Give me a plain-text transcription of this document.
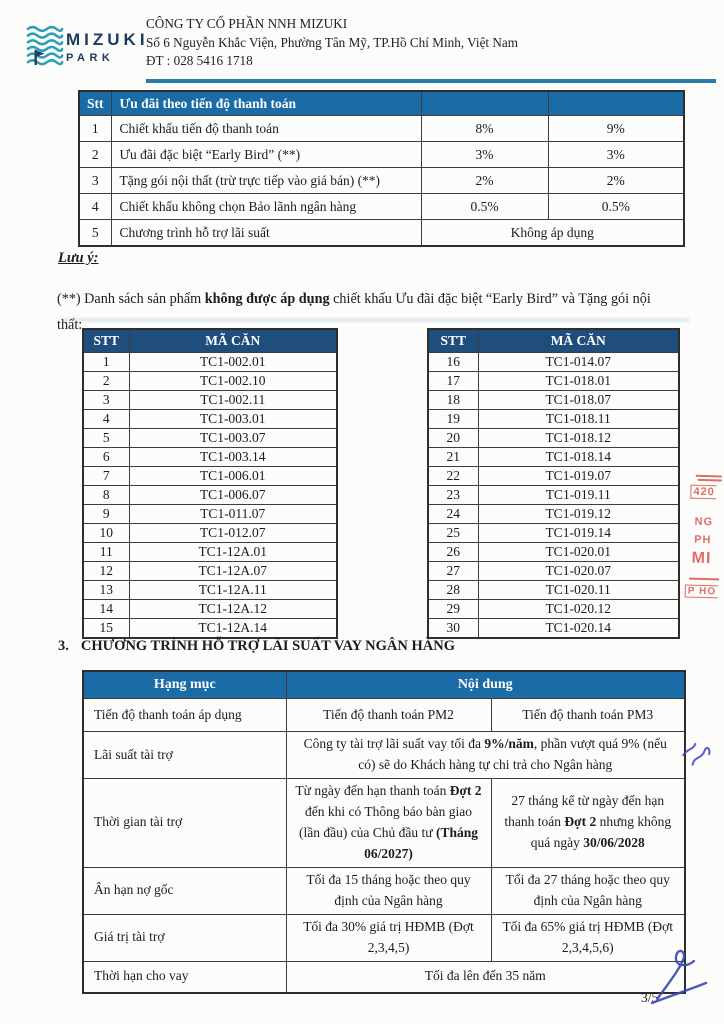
MIZUKI
PARK
CÔNG TY CỔ PHẦN NNH MIZUKI
Số 6 Nguyễn Khắc Viện, Phường Tân Mỹ, TP.Hồ Chí Minh, Việt Nam
ĐT : 028 5416 1718
Stt	Ưu đãi theo tiến độ thanh toán		
1	Chiết khấu tiến độ thanh toán	8%	9%
2	Ưu đãi đặc biệt “Early Bird” (**)	3%	3%
3	Tặng gói nội thất (trừ trực tiếp vào giá bán) (**)	2%	2%
4	Chiết khấu không chọn Bảo lãnh ngân hàng	0.5%	0.5%
5	Chương trình hỗ trợ lãi suất	Không áp dụng	
Lưu ý:

(**) Danh sách sản phẩm không được áp dụng chiết khấu Ưu đãi đặc biệt “Early Bird” và Tặng gói nội thất:

STT	MÃ CĂN
1	TC1-002.01
2	TC1-002.10
3	TC1-002.11
4	TC1-003.01
5	TC1-003.07
6	TC1-003.14
7	TC1-006.01
8	TC1-006.07
9	TC1-011.07
10	TC1-012.07
11	TC1-12A.01
12	TC1-12A.07
13	TC1-12A.11
14	TC1-12A.12
15	TC1-12A.14
STT	MÃ CĂN
16	TC1-014.07
17	TC1-018.01
18	TC1-018.07
19	TC1-018.11
20	TC1-018.12
21	TC1-018.14
22	TC1-019.07
23	TC1-019.11
24	TC1-019.12
25	TC1-019.14
26	TC1-020.01
27	TC1-020.07
28	TC1-020.11
29	TC1-020.12
30	TC1-020.14
3. CHƯƠNG TRÌNH HỖ TRỢ LÃI SUẤT VAY NGÂN HÀNG
Hạng mục	Nội dung	
Tiến độ thanh toán áp dụng	Tiến độ thanh toán PM2	Tiến độ thanh toán PM3
Lãi suất tài trợ	Công ty tài trợ lãi suất vay tối đa 9%/năm, phần vượt quá 9% (nếu có) sẽ do Khách hàng tự chi trả cho Ngân hàng	
Thời gian tài trợ	Từ ngày đến hạn thanh toán Đợt 2 đến khi có Thông báo bàn giao (lần đầu) của Chủ đầu tư (Tháng 06/2027)	27 tháng kể từ ngày đến hạn thanh toán Đợt 2 nhưng không quá ngày 30/06/2028
Ân hạn nợ gốc	Tối đa 15 tháng hoặc theo quy định của Ngân hàng	Tối đa 27 tháng hoặc theo quy định của Ngân hàng
Giá trị tài trợ	Tối đa 30% giá trị HĐMB (Đợt 2,3,4,5)	Tối đa 65% giá trị HĐMB (Đợt 2,3,4,5,6)
Thời hạn cho vay	Tối đa lên đến 35 năm	
420
NG
PH
MI
P HO
3/5
